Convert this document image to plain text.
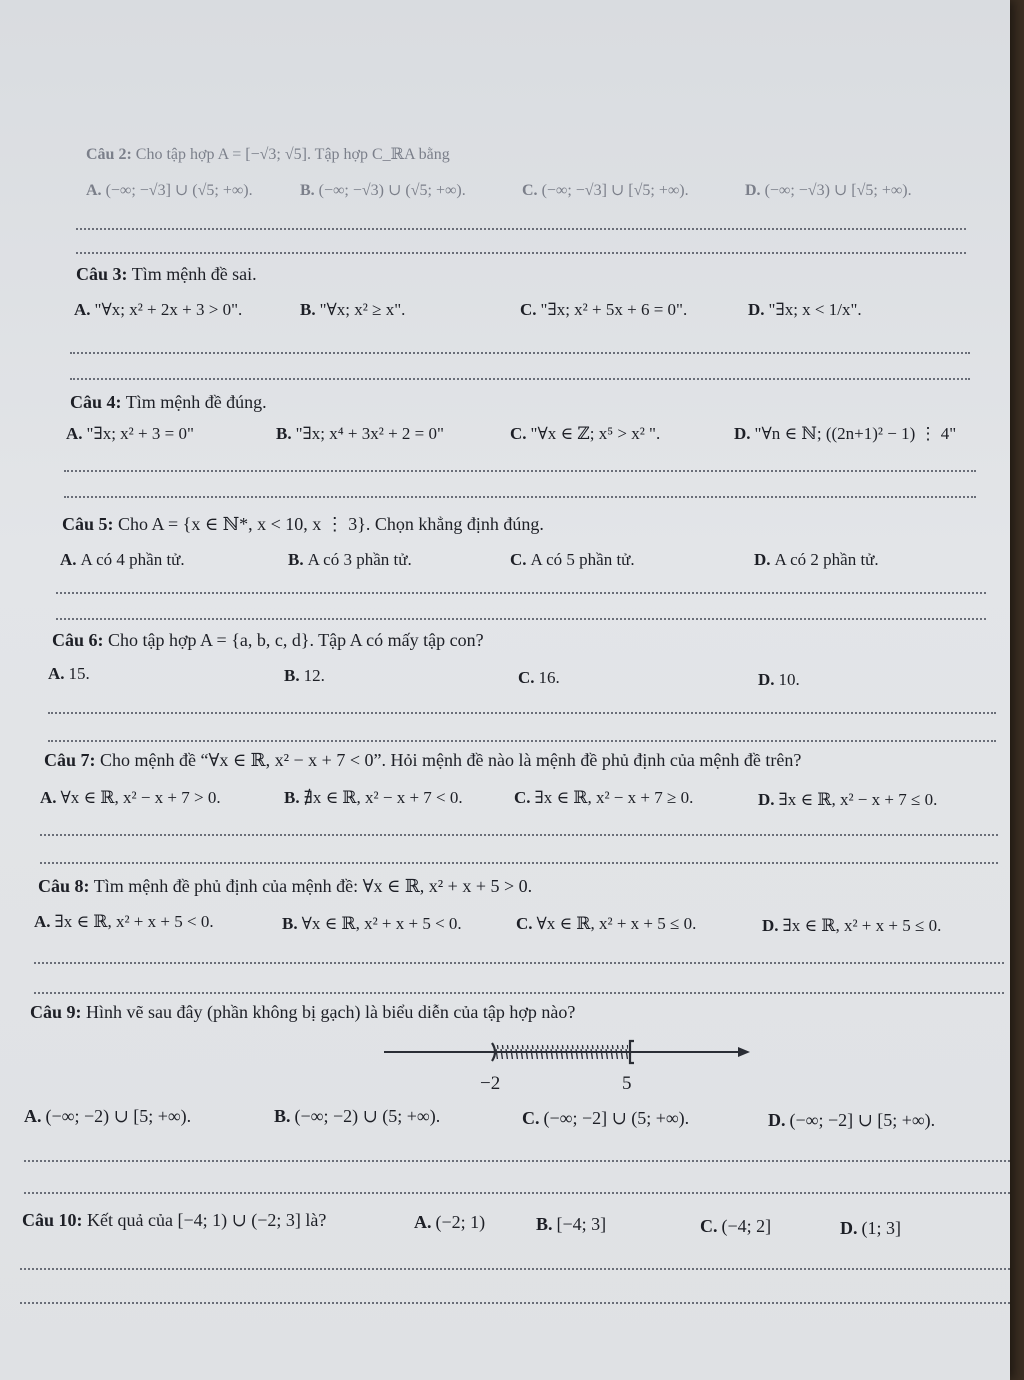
Câu 2: Cho tập hợp A = [−√3; √5]. Tập hợp C_ℝA bằng
A. (−∞; −√3] ∪ (√5; +∞).	B. (−∞; −√3) ∪ (√5; +∞).	C. (−∞; −√3] ∪ [√5; +∞).	D. (−∞; −√3) ∪ [√5; +∞).
Câu 3: Tìm mệnh đề sai.
A. "∀x; x² + 2x + 3 > 0".	B. "∀x; x² ≥ x".	C. "∃x; x² + 5x + 6 = 0".	D. "∃x; x < 1/x".
Câu 4: Tìm mệnh đề đúng.
A. "∃x; x² + 3 = 0"	B. "∃x; x⁴ + 3x² + 2 = 0"	C. "∀x ∈ ℤ; x⁵ > x² ".	D. "∀n ∈ ℕ; ((2n+1)² − 1) ⋮ 4"
Câu 5: Cho A = {x ∈ ℕ*, x < 10, x ⋮ 3}. Chọn khẳng định đúng.
A. A có 4 phần tử.	B. A có 3 phần tử.	C. A có 5 phần tử.	D. A có 2 phần tử.
Câu 6: Cho tập hợp A = {a, b, c, d}. Tập A có mấy tập con?
A. 15.	B. 12.	C. 16.	D. 10.
Câu 7: Cho mệnh đề “∀x ∈ ℝ, x² − x + 7 < 0”. Hỏi mệnh đề nào là mệnh đề phủ định của mệnh đề trên?
A. ∀x ∈ ℝ, x² − x + 7 > 0.	B. ∄x ∈ ℝ, x² − x + 7 < 0.	C. ∃x ∈ ℝ, x² − x + 7 ≥ 0.	D. ∃x ∈ ℝ, x² − x + 7 ≤ 0.
Câu 8: Tìm mệnh đề phủ định của mệnh đề: ∀x ∈ ℝ, x² + x + 5 > 0.
A. ∃x ∈ ℝ, x² + x + 5 < 0.	B. ∀x ∈ ℝ, x² + x + 5 < 0.	C. ∀x ∈ ℝ, x² + x + 5 ≤ 0.	D. ∃x ∈ ℝ, x² + x + 5 ≤ 0.
Câu 9: Hình vẽ sau đây (phần không bị gạch) là biểu diễn của tập hợp nào?
−2	5
A. (−∞; −2) ∪ [5; +∞).	B. (−∞; −2) ∪ (5; +∞).	C. (−∞; −2] ∪ (5; +∞).	D. (−∞; −2] ∪ [5; +∞).
Câu 10: Kết quả của [−4; 1) ∪ (−2; 3] là?	A. (−2; 1)	B. [−4; 3]	C. (−4; 2]	D. (1; 3]
